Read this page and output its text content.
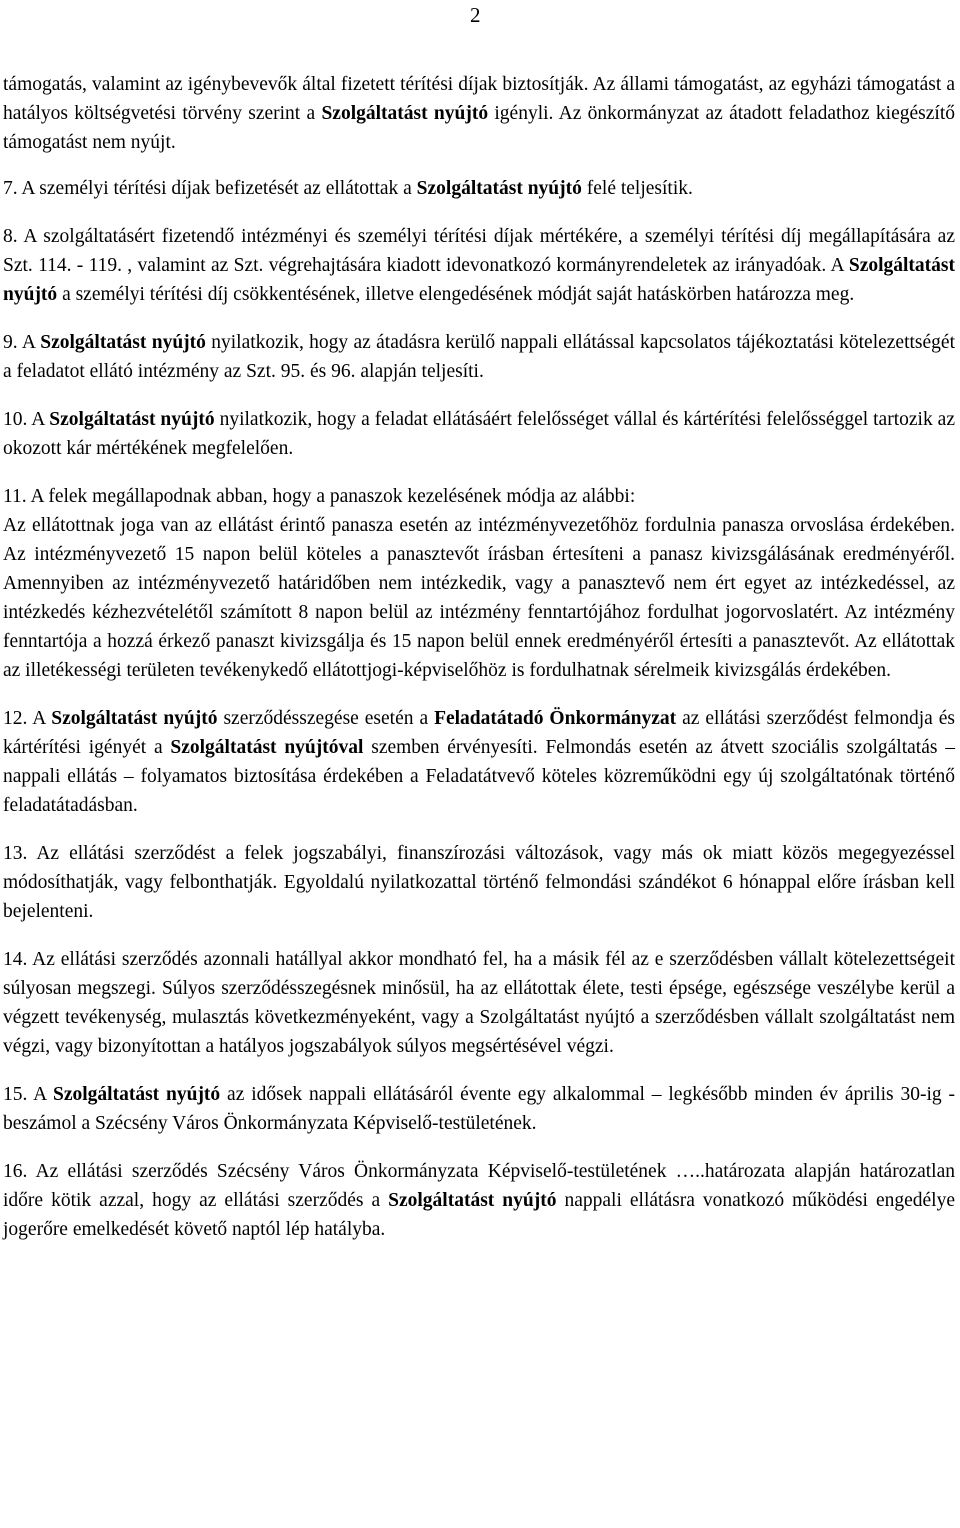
2

támogatás, valamint az igénybevevők által fizetett térítési díjak biztosítják. Az állami támogatást, az egyházi támogatást a hatályos költségvetési törvény szerint a Szolgáltatást nyújtó igényli. Az önkormányzat az átadott feladathoz kiegészítő támogatást nem nyújt.

7. A személyi térítési díjak befizetését az ellátottak a Szolgáltatást nyújtó felé teljesítik.

8. A szolgáltatásért fizetendő intézményi és személyi térítési díjak mértékére, a személyi térítési díj megállapítására az Szt. 114. - 119. , valamint az Szt. végrehajtására kiadott idevonatkozó kormányrendeletek az irányadóak. A Szolgáltatást nyújtó a személyi térítési díj csökkentésének, illetve elengedésének módját saját hatáskörben határozza meg.

9. A Szolgáltatást nyújtó nyilatkozik, hogy az átadásra kerülő nappali ellátással kapcsolatos tájékoztatási kötelezettségét a feladatot ellátó intézmény az Szt. 95. és 96. alapján teljesíti.

10. A Szolgáltatást nyújtó nyilatkozik, hogy a feladat ellátásáért felelősséget vállal és kártérítési felelősséggel tartozik az okozott kár mértékének megfelelően.

11. A felek megállapodnak abban, hogy a panaszok kezelésének módja az alábbi:
Az ellátottnak joga van az ellátást érintő panasza esetén az intézményvezetőhöz fordulnia panasza orvoslása érdekében. Az intézményvezető 15 napon belül köteles a panasztevőt írásban értesíteni a panasz kivizsgálásának eredményéről. Amennyiben az intézményvezető határidőben nem intézkedik, vagy a panasztevő nem ért egyet az intézkedéssel, az intézkedés kézhezvételétől számított 8 napon belül az intézmény fenntartójához fordulhat jogorvoslatért. Az intézmény fenntartója a hozzá érkező panaszt kivizsgálja és 15 napon belül ennek eredményéről értesíti a panasztevőt. Az ellátottak az illetékességi területen tevékenykedő ellátottjogi-képviselőhöz is fordulhatnak sérelmeik kivizsgálás érdekében.

12. A Szolgáltatást nyújtó szerződésszegése esetén a Feladatátadó Önkormányzat az ellátási szerződést felmondja és kártérítési igényét a Szolgáltatást nyújtóval szemben érvényesíti. Felmondás esetén az átvett szociális szolgáltatás – nappali ellátás – folyamatos biztosítása érdekében a Feladatátvevő köteles közreműködni egy új szolgáltatónak történő feladatátadásban.

13. Az ellátási szerződést a felek jogszabályi, finanszírozási változások, vagy más ok miatt közös megegyezéssel módosíthatják, vagy felbonthatják. Egyoldalú nyilatkozattal történő felmondási szándékot 6 hónappal előre írásban kell bejelenteni.

14. Az ellátási szerződés azonnali hatállyal akkor mondható fel, ha a másik fél az e szerződésben vállalt kötelezettségeit súlyosan megszegi. Súlyos szerződésszegésnek minősül, ha az ellátottak élete, testi épsége, egészsége veszélybe kerül a végzett tevékenység, mulasztás következményeként, vagy a Szolgáltatást nyújtó a szerződésben vállalt szolgáltatást nem végzi, vagy bizonyítottan a hatályos jogszabályok súlyos megsértésével végzi.

15. A Szolgáltatást nyújtó az idősek nappali ellátásáról évente egy alkalommal – legkésőbb minden év április 30-ig - beszámol a Szécsény Város Önkormányzata Képviselő-testületének.

16. Az ellátási szerződés Szécsény Város Önkormányzata Képviselő-testületének …..határozata alapján határozatlan időre kötik azzal, hogy az ellátási szerződés a Szolgáltatást nyújtó nappali ellátásra vonatkozó működési engedélye jogerőre emelkedését követő naptól lép hatályba.
